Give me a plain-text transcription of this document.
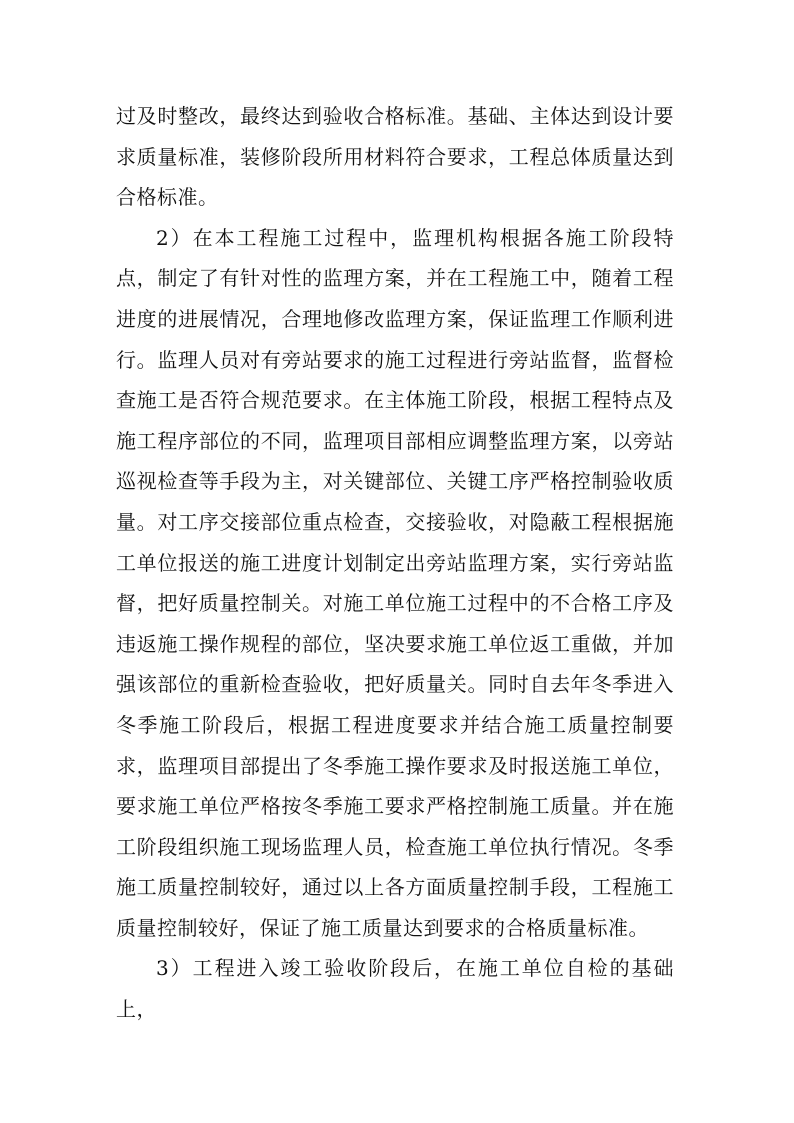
过及时整改，最终达到验收合格标准。基础、主体达到设计要求质量标准，装修阶段所用材料符合要求，工程总体质量达到合格标准。

2）在本工程施工过程中，监理机构根据各施工阶段特点，制定了有针对性的监理方案，并在工程施工中，随着工程进度的进展情况，合理地修改监理方案，保证监理工作顺利进行。监理人员对有旁站要求的施工过程进行旁站监督，监督检查施工是否符合规范要求。在主体施工阶段，根据工程特点及施工程序部位的不同，监理项目部相应调整监理方案，以旁站巡视检查等手段为主，对关键部位、关键工序严格控制验收质量。对工序交接部位重点检查，交接验收，对隐蔽工程根据施工单位报送的施工进度计划制定出旁站监理方案，实行旁站监督，把好质量控制关。对施工单位施工过程中的不合格工序及违返施工操作规程的部位，坚决要求施工单位返工重做，并加强该部位的重新检查验收，把好质量关。同时自去年冬季进入冬季施工阶段后，根据工程进度要求并结合施工质量控制要求，监理项目部提出了冬季施工操作要求及时报送施工单位，要求施工单位严格按冬季施工要求严格控制施工质量。并在施工阶段组织施工现场监理人员，检查施工单位执行情况。冬季施工质量控制较好，通过以上各方面质量控制手段，工程施工质量控制较好，保证了施工质量达到要求的合格质量标准。

3）工程进入竣工验收阶段后，在施工单位自检的基础上，
